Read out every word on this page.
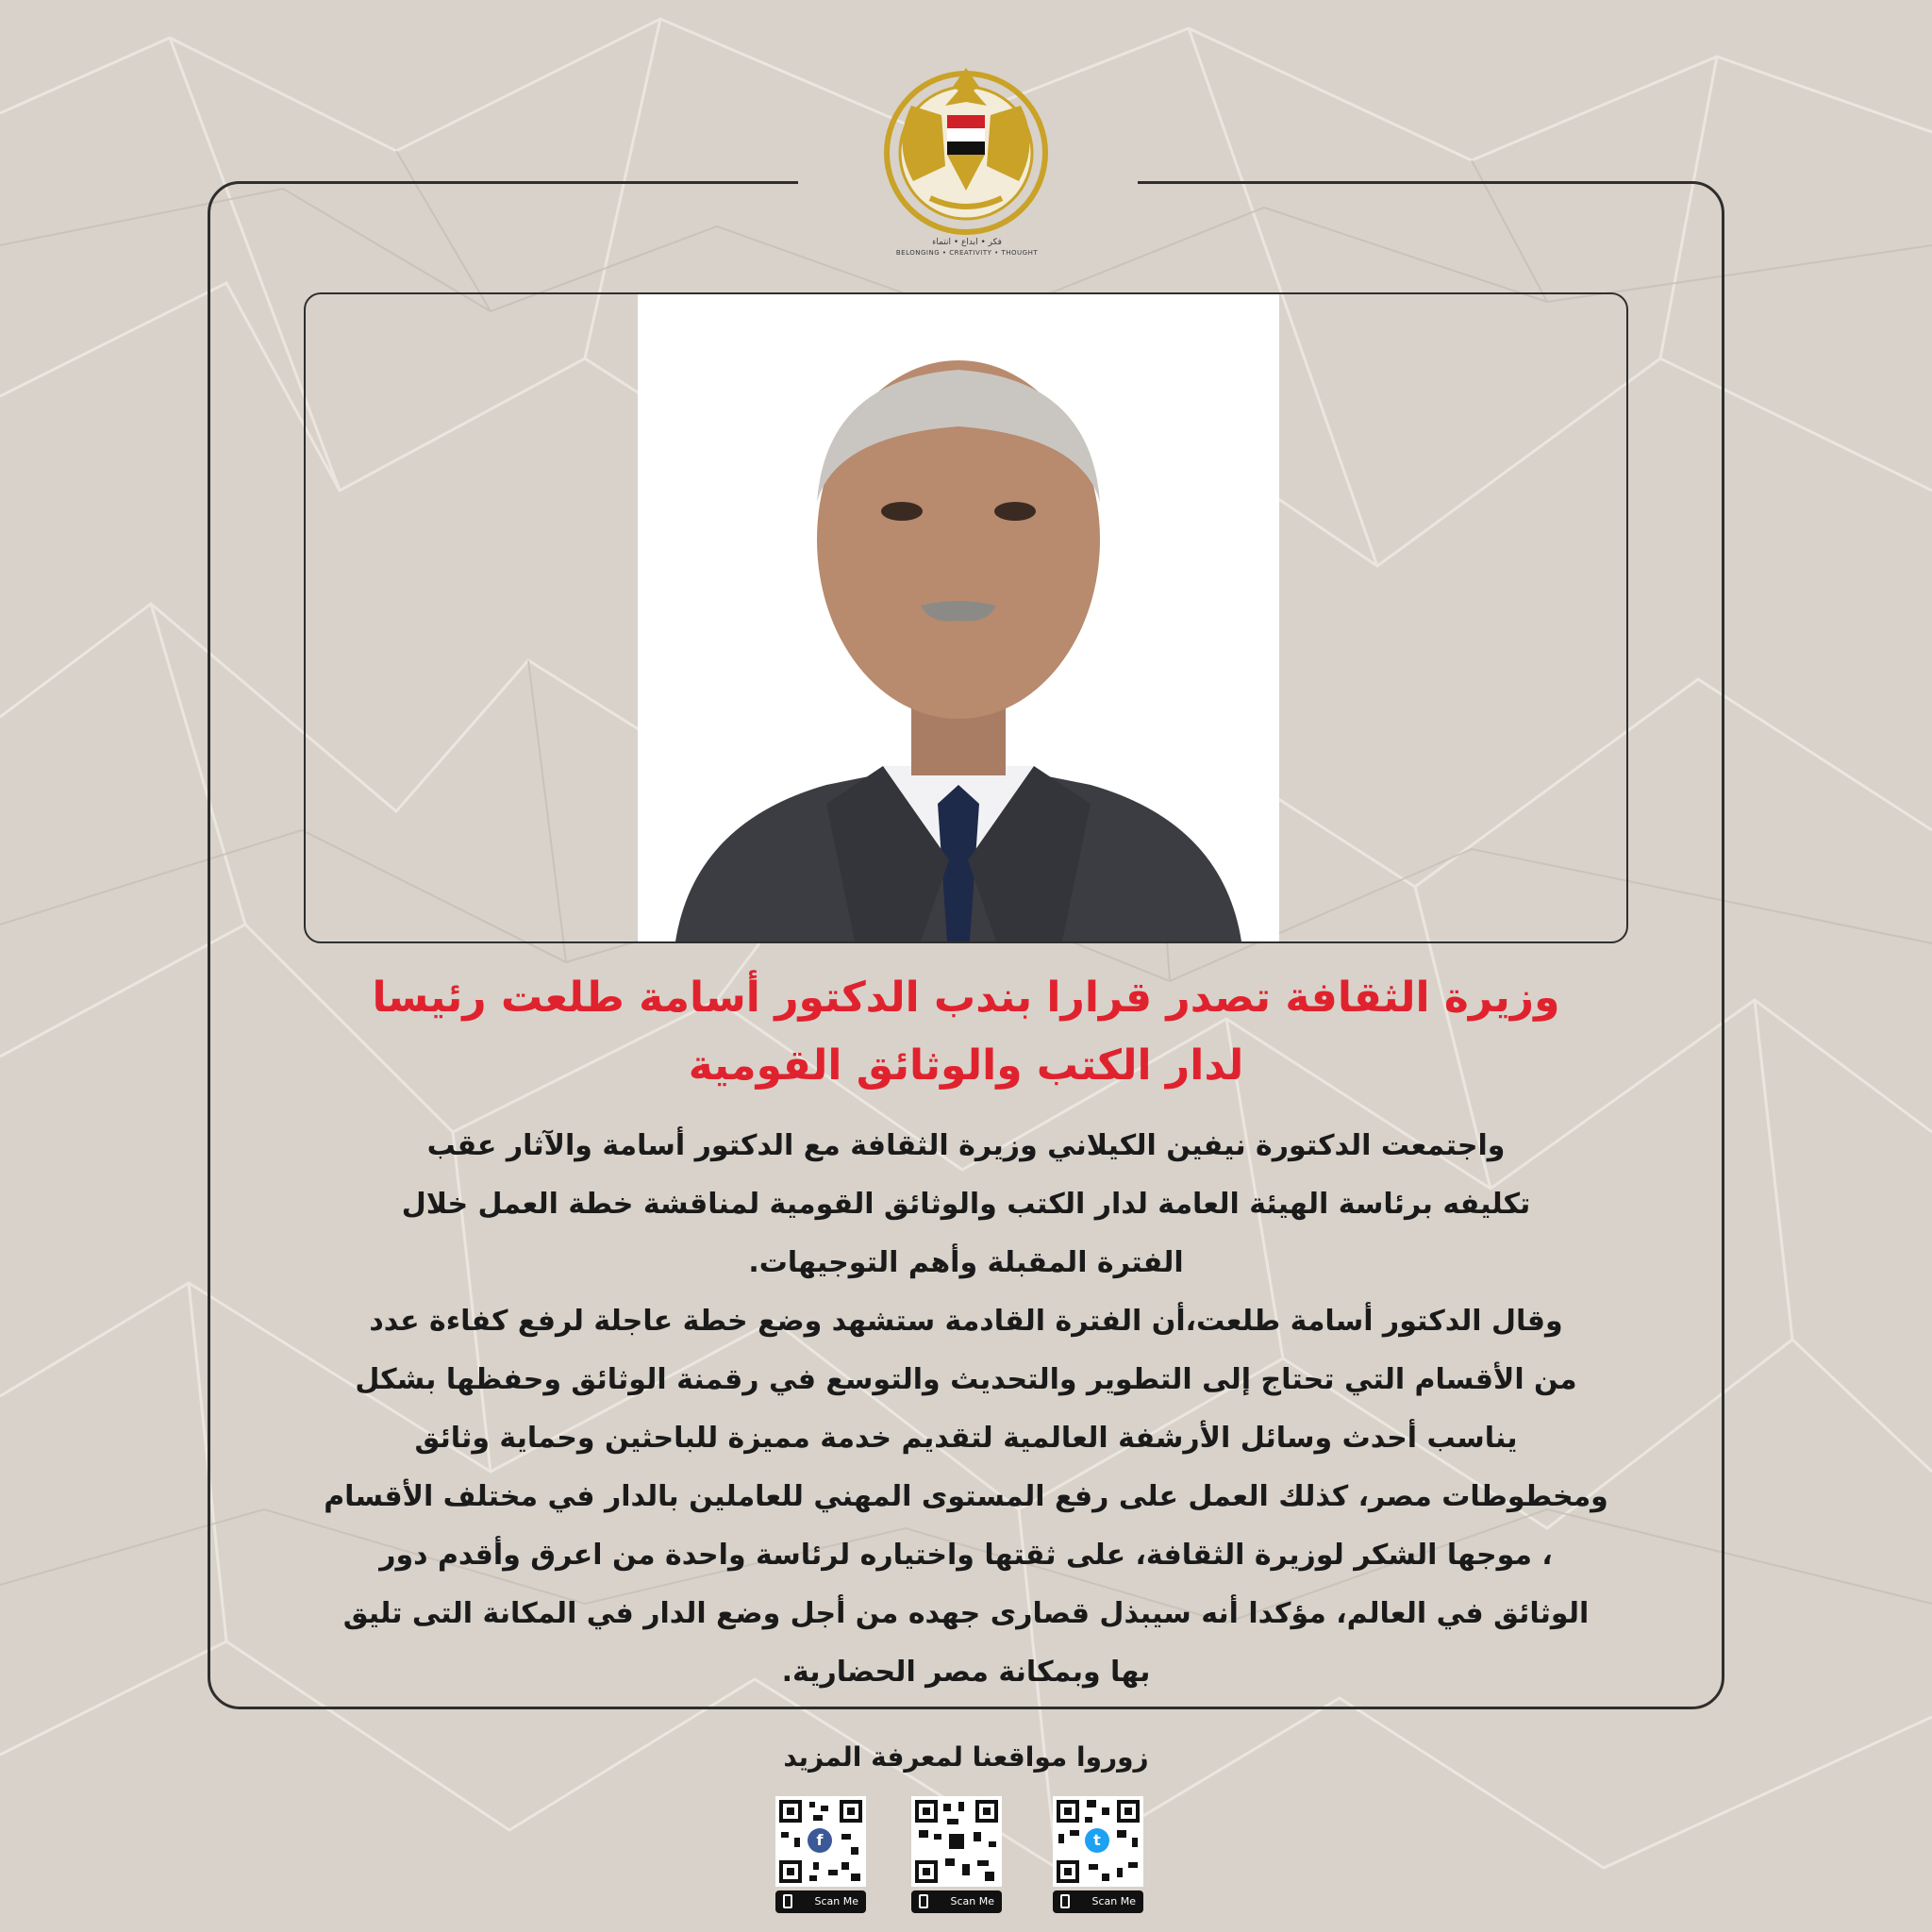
فكر • ابداع • انتماء
BELONGING • CREATIVITY • THOUGHT
وزيرة الثقافة تصدر قرارا بندب الدكتور أسامة طلعت رئيسا
لدار الكتب والوثائق القومية
واجتمعت الدكتورة نيفين الكيلاني وزيرة الثقافة مع الدكتور أسامة والآثار عقب
تكليفه برئاسة الهيئة العامة لدار الكتب والوثائق القومية لمناقشة خطة العمل خلال
الفترة المقبلة وأهم التوجيهات.
وقال الدكتور أسامة طلعت،أن الفترة القادمة ستشهد وضع خطة عاجلة لرفع كفاءة عدد
من الأقسام التي تحتاج إلى التطوير والتحديث والتوسع في رقمنة الوثائق وحفظها بشكل
يناسب أحدث وسائل الأرشفة العالمية لتقديم خدمة مميزة للباحثين وحماية وثائق
ومخطوطات مصر، كذلك العمل على رفع المستوى المهني للعاملين بالدار في مختلف الأقسام
، موجها الشكر لوزيرة الثقافة، على ثقتها واختياره لرئاسة واحدة من اعرق وأقدم دور
الوثائق في العالم، مؤكدا أنه سيبذل قصارى جهده من أجل وضع الدار في المكانة التى تليق
بها وبمكانة مصر الحضارية.
زوروا مواقعنا لمعرفة المزيد
f
Scan Me	Scan Me
t
Scan Me
